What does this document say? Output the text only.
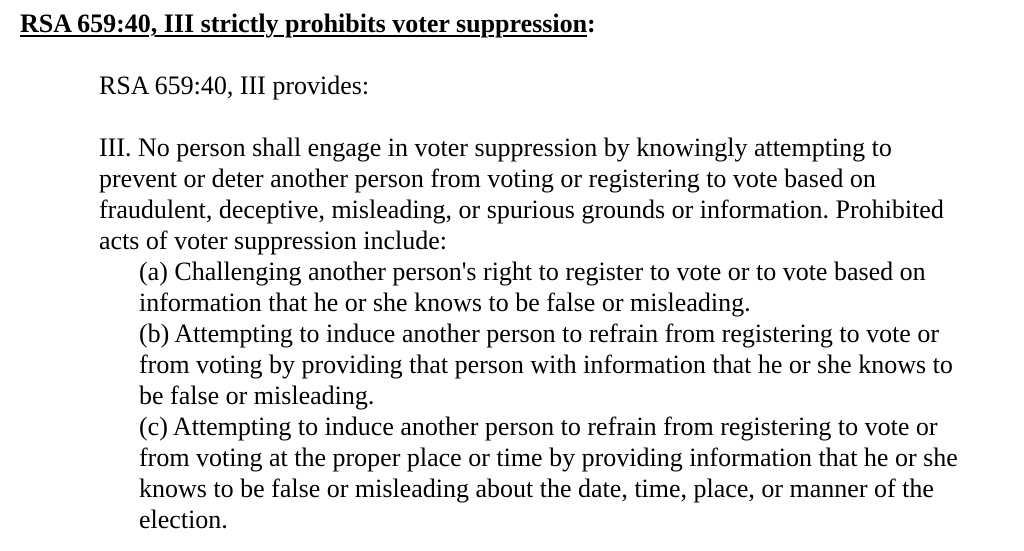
RSA 659:40, III strictly prohibits voter suppression:
RSA 659:40, III provides:
III. No person shall engage in voter suppression by knowingly attempting to
prevent or deter another person from voting or registering to vote based on
fraudulent, deceptive, misleading, or spurious grounds or information. Prohibited
acts of voter suppression include:
(a) Challenging another person's right to register to vote or to vote based on
information that he or she knows to be false or misleading.
(b) Attempting to induce another person to refrain from registering to vote or
from voting by providing that person with information that he or she knows to
be false or misleading.
(c) Attempting to induce another person to refrain from registering to vote or
from voting at the proper place or time by providing information that he or she
knows to be false or misleading about the date, time, place, or manner of the
election.
